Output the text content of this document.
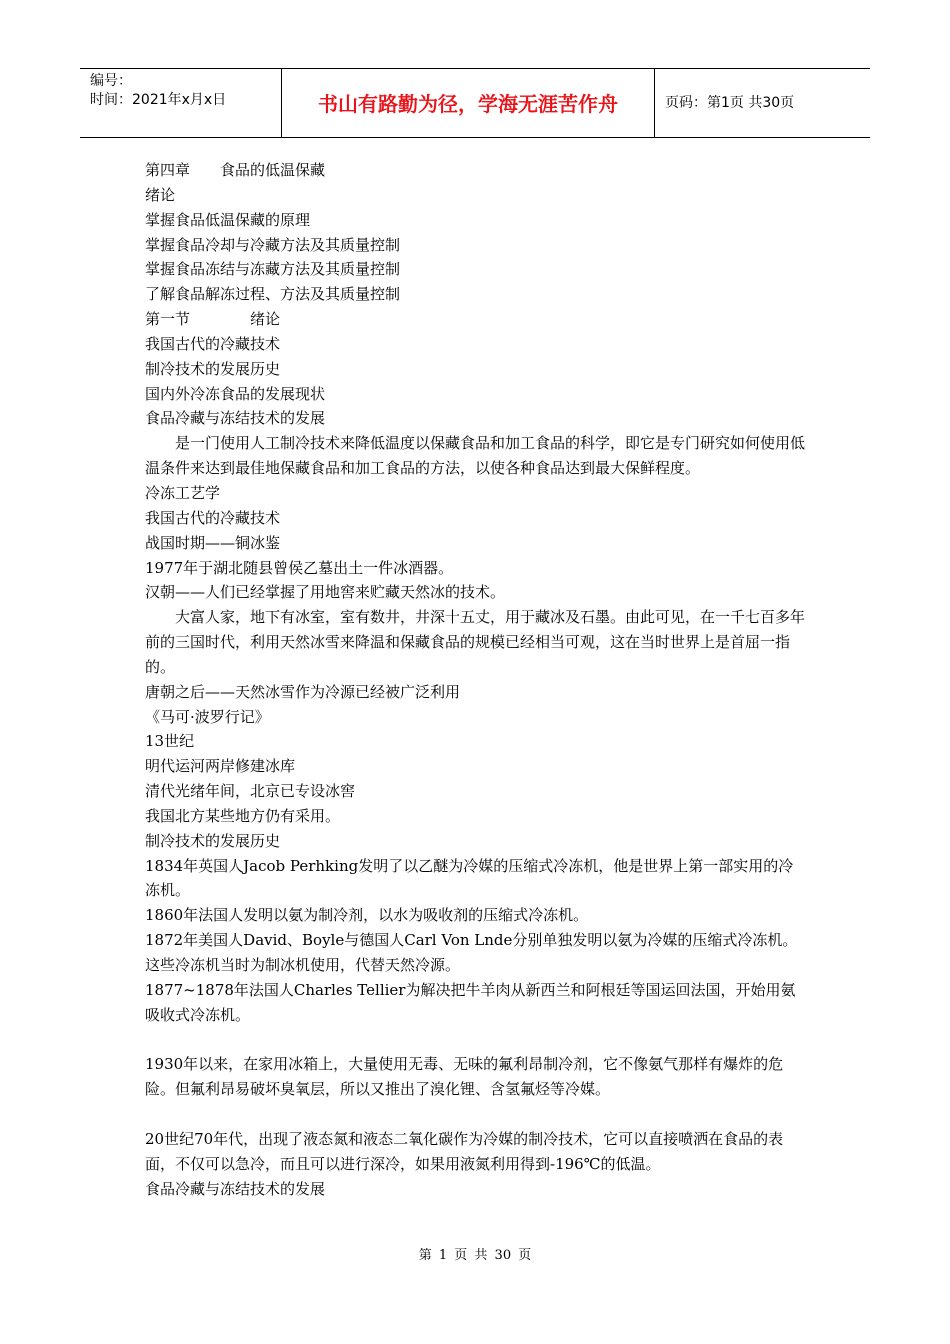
编号：
时间：2021年x月x日	书山有路勤为径，学海无涯苦作舟	页码：第1页 共30页

第四章　　食品的低温保藏

绪论

掌握食品低温保藏的原理

掌握食品冷却与冷藏方法及其质量控制

掌握食品冻结与冻藏方法及其质量控制

了解食品解冻过程、方法及其质量控制

第一节　　　　绪论

我国古代的冷藏技术

制冷技术的发展历史

国内外冷冻食品的发展现状

食品冷藏与冻结技术的发展

是一门使用人工制冷技术来降低温度以保藏食品和加工食品的科学，即它是专门研究如何使用低温条件来达到最佳地保藏食品和加工食品的方法，以使各种食品达到最大保鲜程度。

冷冻工艺学

我国古代的冷藏技术

战国时期——铜冰鉴

1977年于湖北随县曾侯乙墓出土一件冰酒器。

汉朝——人们已经掌握了用地窖来贮藏天然冰的技术。

大富人家，地下有冰室，室有数井，井深十五丈，用于藏冰及石墨。由此可见，在一千七百多年前的三国时代，利用天然冰雪来降温和保藏食品的规模已经相当可观，这在当时世界上是首屈一指的。

唐朝之后——天然冰雪作为冷源已经被广泛利用

《马可·波罗行记》

13世纪

明代运河两岸修建冰库

清代光绪年间，北京已专设冰窖

我国北方某些地方仍有采用。

制冷技术的发展历史

1834年英国人Jacob Perhking发明了以乙醚为冷媒的压缩式冷冻机，他是世界上第一部实用的冷冻机。

1860年法国人发明以氨为制冷剂，以水为吸收剂的压缩式冷冻机。

1872年美国人David、Boyle与德国人Carl Von Lnde分别单独发明以氨为冷媒的压缩式冷冻机。这些冷冻机当时为制冰机使用，代替天然冷源。

1877~1878年法国人Charles Tellier为解决把牛羊肉从新西兰和阿根廷等国运回法国，开始用氨吸收式冷冻机。

1930年以来，在家用冰箱上，大量使用无毒、无味的氟利昂制冷剂，它不像氨气那样有爆炸的危险。但氟利昂易破坏臭氧层，所以又推出了溴化锂、含氢氟烃等冷媒。

20世纪70年代，出现了液态氮和液态二氧化碳作为冷媒的制冷技术，它可以直接喷洒在食品的表面，不仅可以急冷，而且可以进行深冷，如果用液氮利用得到-196℃的低温。

食品冷藏与冻结技术的发展

第 1 页 共 30 页
